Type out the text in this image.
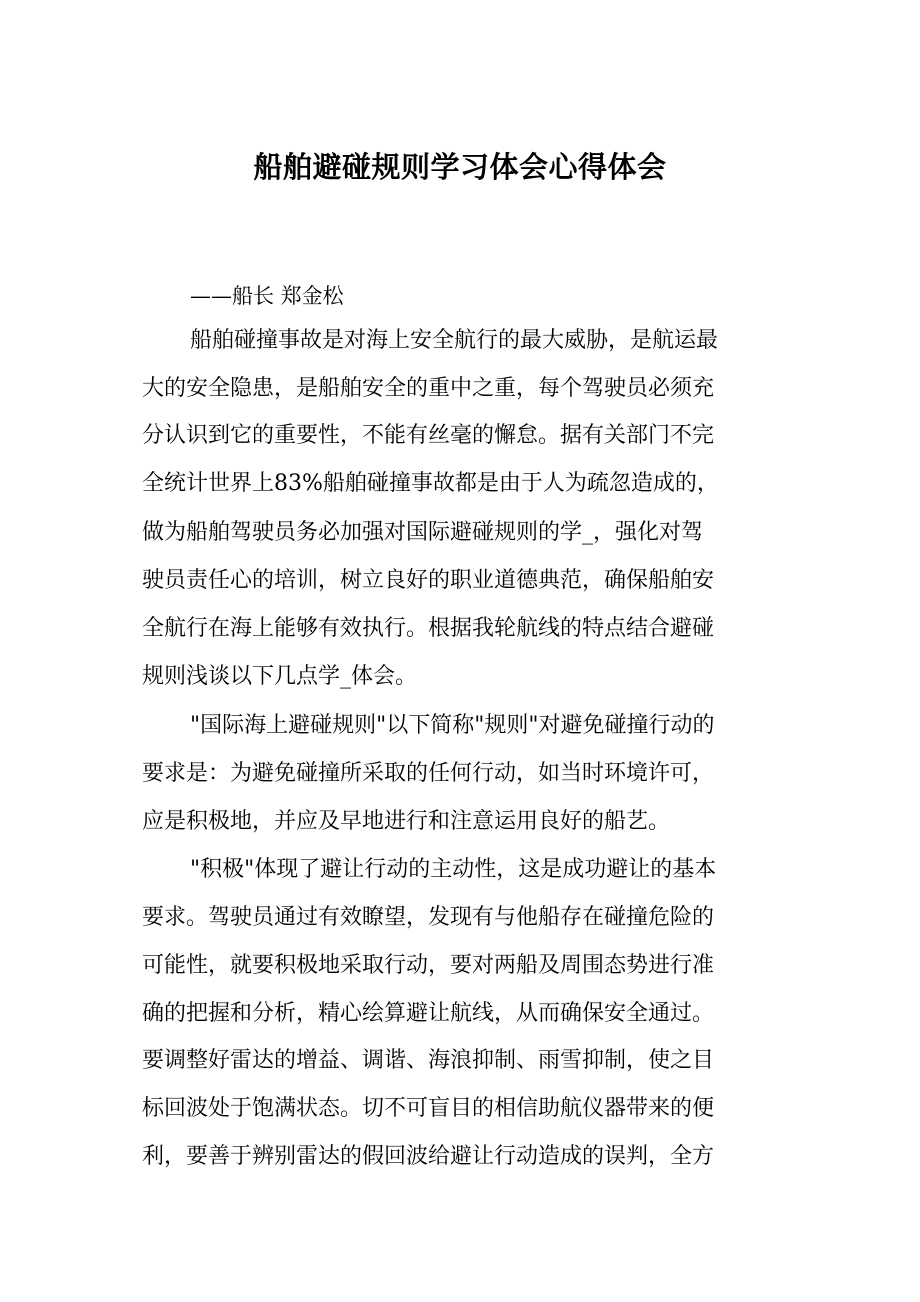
船舶避碰规则学习体会心得体会

——船长 郑金松

船舶碰撞事故是对海上安全航行的最大威胁，是航运最

大的安全隐患，是船舶安全的重中之重，每个驾驶员必须充

分认识到它的重要性，不能有丝毫的懈怠。据有关部门不完

全统计世界上83%船舶碰撞事故都是由于人为疏忽造成的，

做为船舶驾驶员务必加强对国际避碰规则的学_，强化对驾

驶员责任心的培训，树立良好的职业道德典范，确保船舶安

全航行在海上能够有效执行。根据我轮航线的特点结合避碰

规则浅谈以下几点学_体会。

"国际海上避碰规则"以下简称"规则"对避免碰撞行动的

要求是：为避免碰撞所采取的任何行动，如当时环境许可，

应是积极地，并应及早地进行和注意运用良好的船艺。

"积极"体现了避让行动的主动性，这是成功避让的基本

要求。驾驶员通过有效瞭望，发现有与他船存在碰撞危险的

可能性，就要积极地采取行动，要对两船及周围态势进行准

确的把握和分析，精心绘算避让航线，从而确保安全通过。

要调整好雷达的增益、调谐、海浪抑制、雨雪抑制，使之目

标回波处于饱满状态。切不可盲目的相信助航仪器带来的便

利，要善于辨别雷达的假回波给避让行动造成的误判，全方
